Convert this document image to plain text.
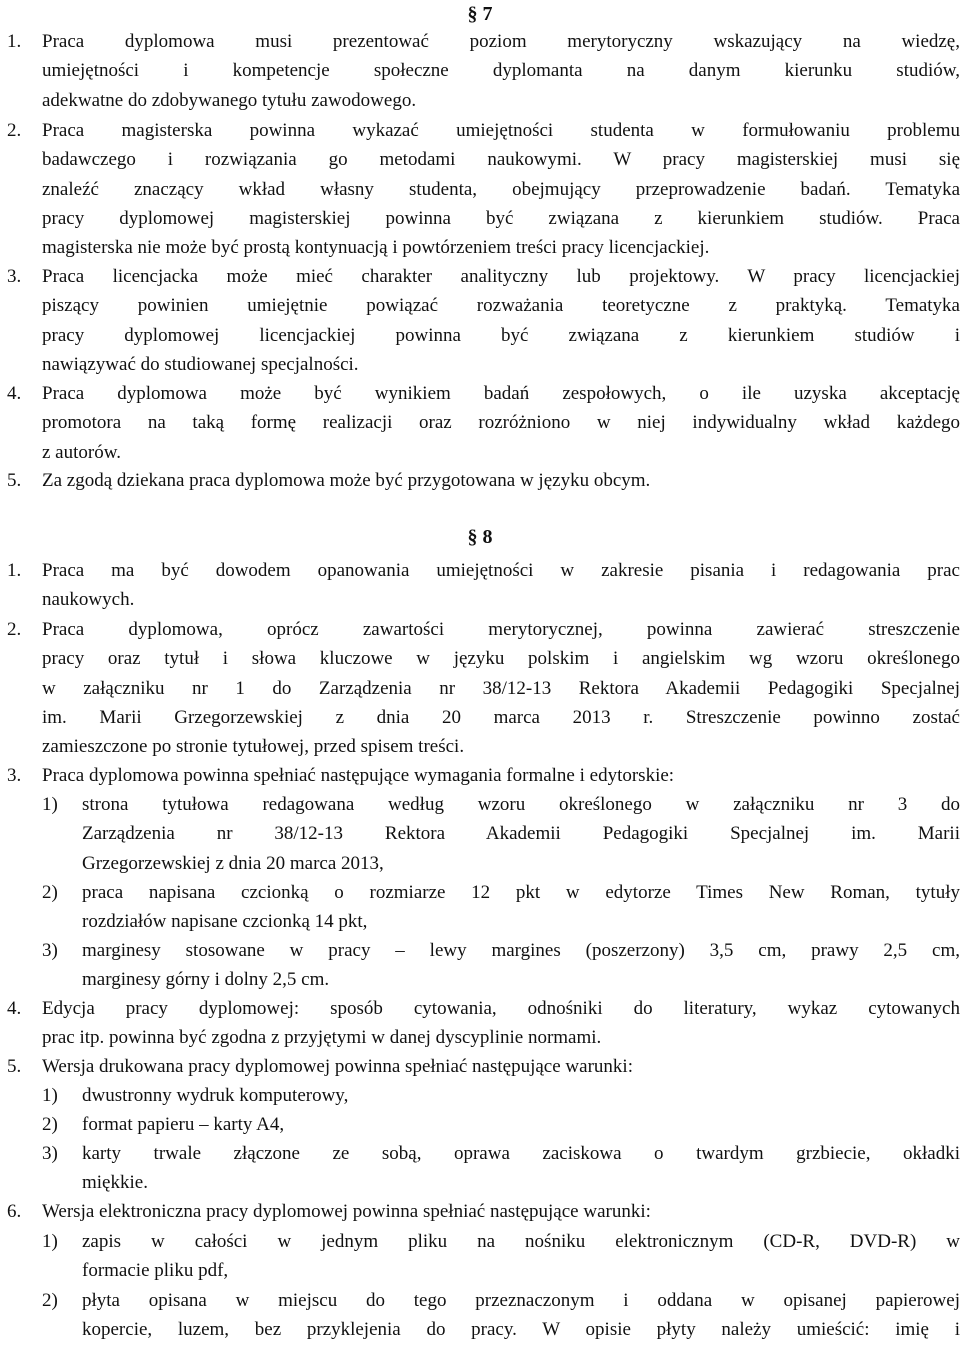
§ 7
1.	Praca dyplomowa musi prezentować poziom merytoryczny wskazujący na wiedzę,
umiejętności i kompetencje społeczne dyplomanta na danym kierunku studiów,
adekwatne do zdobywanego tytułu zawodowego.
2.	Praca magisterska powinna wykazać umiejętności studenta w formułowaniu problemu
badawczego i rozwiązania go metodami naukowymi. W pracy magisterskiej musi się
znaleźć znaczący wkład własny studenta, obejmujący przeprowadzenie badań. Tematyka
pracy dyplomowej magisterskiej powinna być związana z kierunkiem studiów. Praca
magisterska nie może być prostą kontynuacją i powtórzeniem treści pracy licencjackiej.
3.	Praca licencjacka może mieć charakter analityczny lub projektowy. W pracy licencjackiej
piszący powinien umiejętnie powiązać rozważania teoretyczne z praktyką. Tematyka
pracy dyplomowej licencjackiej powinna być związana z kierunkiem studiów i
nawiązywać do studiowanej specjalności.
4.	Praca dyplomowa może być wynikiem badań zespołowych, o ile uzyska akceptację
promotora na taką formę realizacji oraz rozróżniono w niej indywidualny wkład każdego
z autorów.
5.	Za zgodą dziekana praca dyplomowa może być przygotowana w języku obcym.
§ 8
1.	Praca ma być dowodem opanowania umiejętności w zakresie pisania i redagowania prac
naukowych.
2.	Praca dyplomowa, oprócz zawartości merytorycznej, powinna zawierać streszczenie
pracy oraz tytuł i słowa kluczowe w języku polskim i angielskim wg wzoru określonego
w załączniku nr 1 do Zarządzenia nr 38/12-13 Rektora Akademii Pedagogiki Specjalnej
im. Marii Grzegorzewskiej z dnia 20 marca 2013 r. Streszczenie powinno zostać
zamieszczone po stronie tytułowej, przed spisem treści.
3.	Praca dyplomowa powinna spełniać następujące wymagania formalne i edytorskie:
1)	strona tytułowa redagowana według wzoru określonego w załączniku nr 3 do
Zarządzenia nr 38/12-13 Rektora Akademii Pedagogiki Specjalnej im. Marii
Grzegorzewskiej z dnia 20 marca 2013,
2)	praca napisana czcionką o rozmiarze 12 pkt w edytorze Times New Roman, tytuły
rozdziałów napisane czcionką 14 pkt,
3)	marginesy stosowane w pracy – lewy margines (poszerzony) 3,5 cm, prawy 2,5 cm,
marginesy górny i dolny 2,5 cm.
4.	Edycja pracy dyplomowej: sposób cytowania, odnośniki do literatury, wykaz cytowanych
prac itp. powinna być zgodna z przyjętymi w danej dyscyplinie normami.
5.	Wersja drukowana pracy dyplomowej powinna spełniać następujące warunki:
1)	dwustronny wydruk komputerowy,
2)	format papieru – karty A4,
3)	karty trwale złączone ze sobą, oprawa zaciskowa o twardym grzbiecie, okładki
miękkie.
6.	Wersja elektroniczna pracy dyplomowej powinna spełniać następujące warunki:
1)	zapis w całości w jednym pliku na nośniku elektronicznym (CD-R, DVD-R) w
formacie pliku pdf,
2)	płyta opisana w miejscu do tego przeznaczonym i oddana w opisanej papierowej
kopercie, luzem, bez przyklejenia do pracy. W opisie płyty należy umieścić: imię i
